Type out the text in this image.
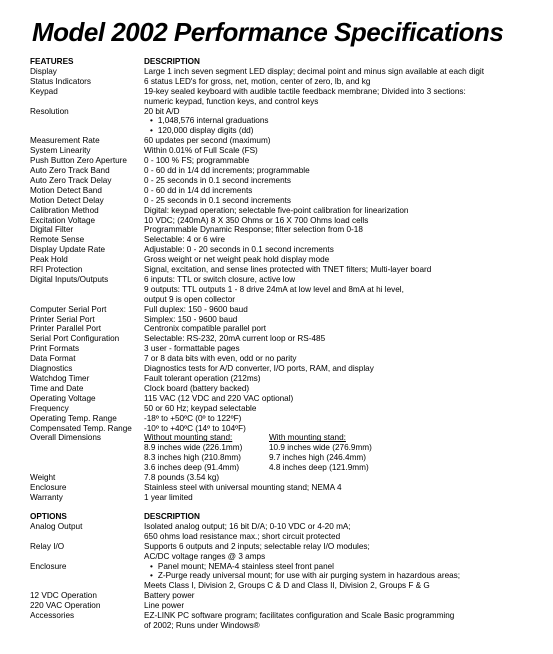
Model 2002 Performance Specifications
FEATURES	DESCRIPTION
Display	Large 1 inch seven segment LED display; decimal point and minus sign available at each digit
Status Indicators	6 status LED's for gross, net, motion, center of zero, lb, and kg
Keypad	19-key sealed keyboard with audible tactile feedback membrane; Divided into 3 sections:
numeric keypad, function keys, and control keys
Resolution	20 bit A/D
• 1,048,576 internal graduations
• 120,000 display digits (dd)
Measurement Rate	60 updates per second (maximum)
System Linearity	Within 0.01% of Full Scale (FS)
Push Button Zero Aperture	0 - 100 % FS; programmable
Auto Zero Track Band	0 - 60 dd in 1/4 dd increments; programmable
Auto Zero Track Delay	0 - 25 seconds in 0.1 second increments
Motion Detect Band	0 - 60 dd in 1/4 dd increments
Motion Detect Delay	0 - 25 seconds in 0.1 second increments
Calibration Method	Digital: keypad operation; selectable five-point calibration for linearization
Excitation Voltage	10 VDC; (240mA) 8 X 350 Ohms or 16 X 700 Ohms load cells
Digital Filter	Programmable Dynamic Response; filter selection from 0-18
Remote Sense	Selectable: 4 or 6 wire
Display Update Rate	Adjustable: 0 - 20 seconds in 0.1 second increments
Peak Hold	Gross weight or net weight peak hold display mode
RFI Protection	Signal, excitation, and sense lines protected with TNET filters; Multi-layer board
Digital Inputs/Outputs	6 inputs: TTL or switch closure, active low
9 outputs: TTL outputs 1 - 8 drive 24mA at low level and 8mA at hi level,
output 9 is open collector
Computer Serial Port	Full duplex: 150 - 9600 baud
Printer Serial Port	Simplex: 150 - 9600 baud
Printer Parallel Port	Centronix compatible parallel port
Serial Port Configuration	Selectable: RS-232, 20mA current loop or RS-485
Print Formats	3 user - formattable pages
Data Format	7 or 8 data bits with even, odd or no parity
Diagnostics	Diagnostics tests for A/D converter, I/O ports, RAM, and display
Watchdog Timer	Fault tolerant operation (212ms)
Time and Date	Clock board (battery backed)
Operating Voltage	115 VAC (12 VDC and 220 VAC optional)
Frequency	50 or 60 Hz; keypad selectable
Operating Temp. Range	-18º to +50ºC (0º to 122ºF)
Compensated Temp. Range	-10º to +40ºC (14º to 104ºF)
Overall Dimensions	Without mounting stand:	With mounting stand:
8.9 inches wide (226.1mm)	10.9 inches wide (276.9mm)
8.3 inches high (210.8mm)	9.7 inches high (246.4mm)
3.6 inches deep (91.4mm)	4.8 inches deep (121.9mm)
Weight	7.8 pounds (3.54 kg)
Enclosure	Stainless steel with universal mounting stand; NEMA 4
Warranty	1 year limited
OPTIONS	DESCRIPTION
Analog Output	Isolated analog output; 16 bit D/A; 0-10 VDC or 4-20 mA;
650 ohms load resistance max.; short circuit protected
Relay I/O	Supports 6 outputs and 2 inputs; selectable relay I/O modules;
AC/DC voltage ranges @ 3 amps
Enclosure
•	Panel mount; NEMA-4 stainless steel front panel
• Z-Purge ready universal mount; for use with air purging system in hazardous areas;
Meets Class I, Division 2, Groups C & D and Class II, Division 2, Groups F & G
12 VDC Operation	Battery power
220 VAC Operation	Line power
Accessories	EZ-LINK PC software program; facilitates configuration and Scale Basic programming
of 2002; Runs under Windows®
